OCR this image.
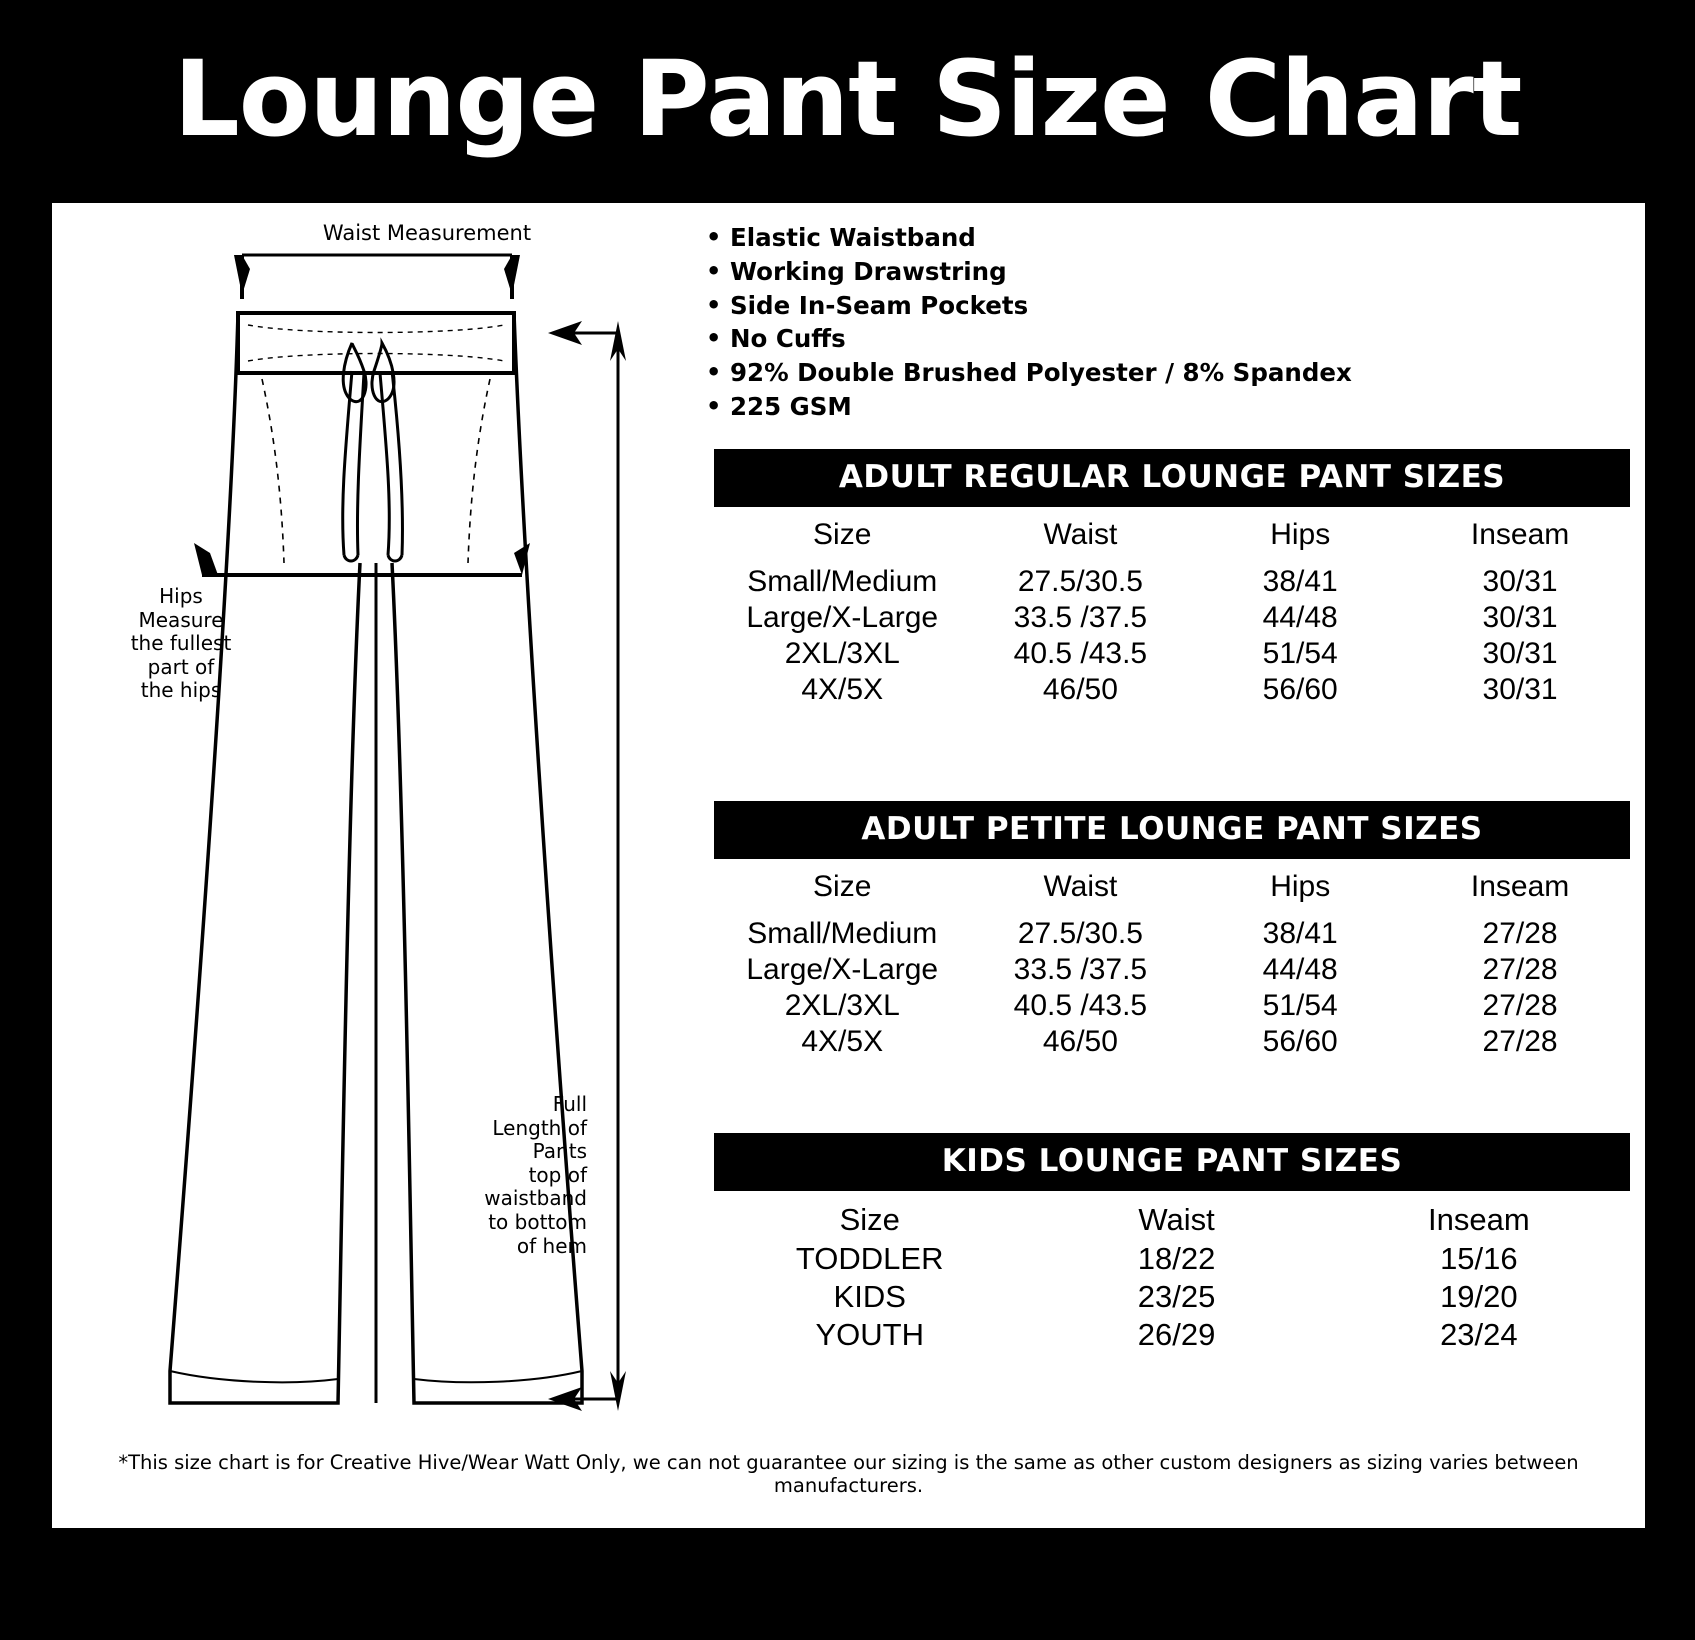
Lounge Pant Size Chart
Waist Measurement
Hips
Measure
the fullest
part of
the hips
Full
Length of
Pants
top of
waistband
to bottom
of hem
• Elastic Waistband
• Working Drawstring
• Side In-Seam Pockets
• No Cuffs
• 92% Double Brushed Polyester / 8% Spandex
• 225 GSM
ADULT REGULAR LOUNGE PANT SIZES
Size	Waist	Hips	Inseam
Small/Medium	27.5/30.5	38/41	30/31
Large/X-Large	33.5 /37.5	44/48	30/31
2XL/3XL	40.5 /43.5	51/54	30/31
4X/5X	46/50	56/60	30/31
ADULT PETITE LOUNGE PANT SIZES
Size	Waist	Hips	Inseam
Small/Medium	27.5/30.5	38/41	27/28
Large/X-Large	33.5 /37.5	44/48	27/28
2XL/3XL	40.5 /43.5	51/54	27/28
4X/5X	46/50	56/60	27/28
KIDS LOUNGE PANT SIZES
Size	Waist	Inseam
TODDLER	18/22	15/16
KIDS	23/25	19/20
YOUTH	26/29	23/24
*This size chart is for Creative Hive/Wear Watt Only, we can not guarantee our sizing is the same as other custom designers as sizing varies between manufacturers.
